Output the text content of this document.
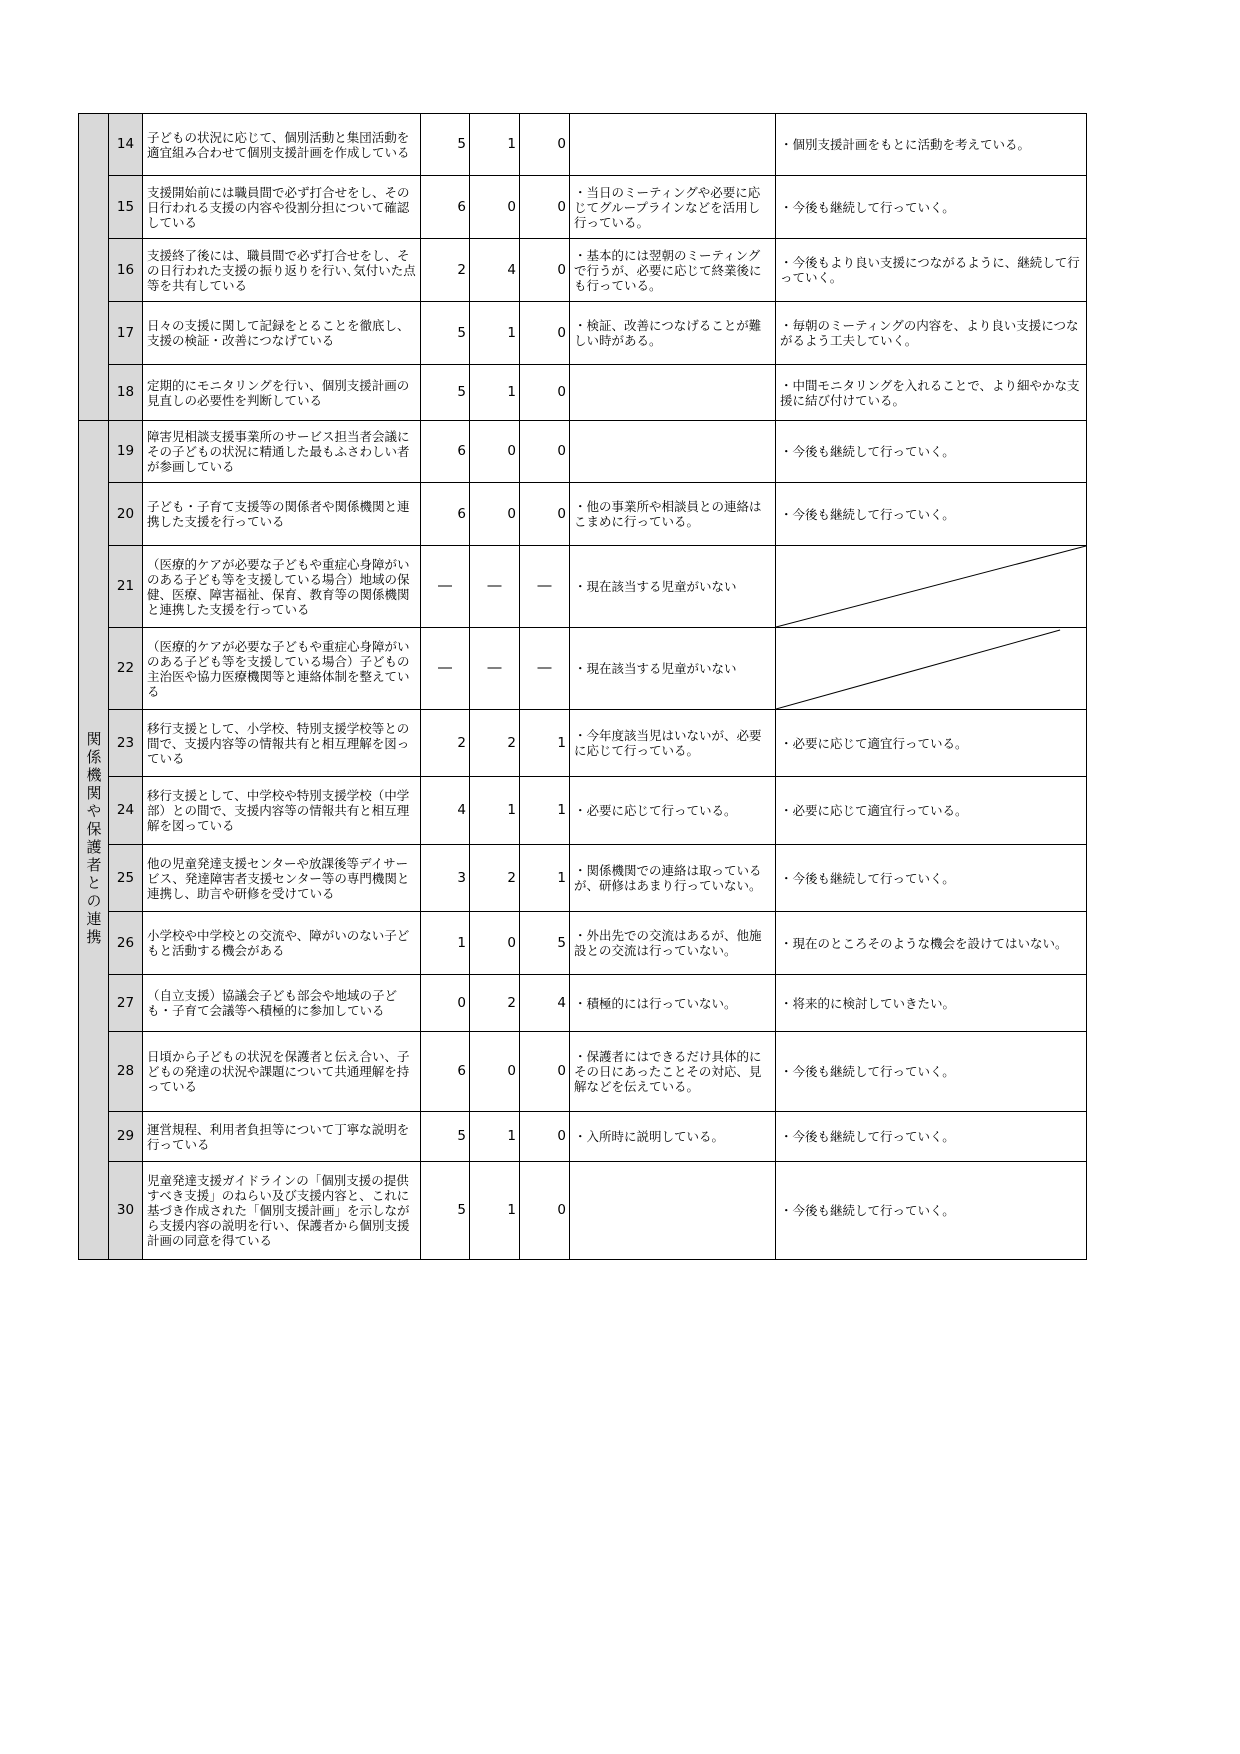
	14	子どもの状況に応じて、個別活動と集団活動を適宜組み合わせて個別支援計画を作成している	5	1	0		・個別支援計画をもとに活動を考えている。
	15	支援開始前には職員間で必ず打合せをし、その日行われる支援の内容や役割分担について確認している	6	0	0	・当日のミーティングや必要に応じてグループラインなどを活用し行っている。	・今後も継続して行っていく。
	16	支援終了後には、職員間で必ず打合せをし、その日行われた支援の振り返りを行い､気付いた点等を共有している	2	4	0	・基本的には翌朝のミーティングで行うが、必要に応じて終業後にも行っている。	・今後もより良い支援につながるように、継続して行っていく。
	17	日々の支援に関して記録をとることを徹底し、支援の検証・改善につなげている	5	1	0	・検証、改善につなげることが難しい時がある。	・毎朝のミーティングの内容を、より良い支援につながるよう工夫していく。
	18	定期的にモニタリングを行い、個別支援計画の見直しの必要性を判断している	5	1	0		・中間モニタリングを入れることで、より細やかな支援に結び付けている。
関係機関や保護者との連携	19	障害児相談支援事業所のサービス担当者会議にその子どもの状況に精通した最もふさわしい者が参画している	6	0	0		・今後も継続して行っていく。
	20	子ども・子育て支援等の関係者や関係機関と連携した支援を行っている	6	0	0	・他の事業所や相談員との連絡はこまめに行っている。	・今後も継続して行っていく。
	21	（医療的ケアが必要な子どもや重症心身障がいのある子ども等を支援している場合）地域の保健、医療、障害福祉、保育、教育等の関係機関と連携した支援を行っている	―	―	―	・現在該当する児童がいない	

	22	（医療的ケアが必要な子どもや重症心身障がいのある子ども等を支援している場合）子どもの主治医や協力医療機関等と連絡体制を整えている	―	―	―	・現在該当する児童がいない	

	23	移行支援として、小学校、特別支援学校等との間で、支援内容等の情報共有と相互理解を図っている	2	2	1	・今年度該当児はいないが、必要に応じて行っている。	・必要に応じて適宜行っている。
	24	移行支援として、中学校や特別支援学校（中学部）との間で、支援内容等の情報共有と相互理解を図っている	4	1	1	・必要に応じて行っている。	・必要に応じて適宜行っている。
	25	他の児童発達支援センターや放課後等デイサービス、発達障害者支援センター等の専門機関と連携し、助言や研修を受けている	3	2	1	・関係機関での連絡は取っているが、研修はあまり行っていない。	・今後も継続して行っていく。
	26	小学校や中学校との交流や、障がいのない子どもと活動する機会がある	1	0	5	・外出先での交流はあるが、他施設との交流は行っていない。	・現在のところそのような機会を設けてはいない。
	27	（自立支援）協議会子ども部会や地域の子ども・子育て会議等へ積極的に参加している	0	2	4	・積極的には行っていない。	・将来的に検討していきたい。
	28	日頃から子どもの状況を保護者と伝え合い、子どもの発達の状況や課題について共通理解を持っている	6	0	0	・保護者にはできるだけ具体的にその日にあったことその対応、見解などを伝えている。	・今後も継続して行っていく。
	29	運営規程、利用者負担等について丁寧な説明を行っている	5	1	0	・入所時に説明している。	・今後も継続して行っていく。
	30	児童発達支援ガイドラインの「個別支援の提供すべき支援」のねらい及び支援内容と、これに基づき作成された「個別支援計画」を示しながら支援内容の説明を行い、保護者から個別支援計画の同意を得ている	5	1	0		・今後も継続して行っていく。
